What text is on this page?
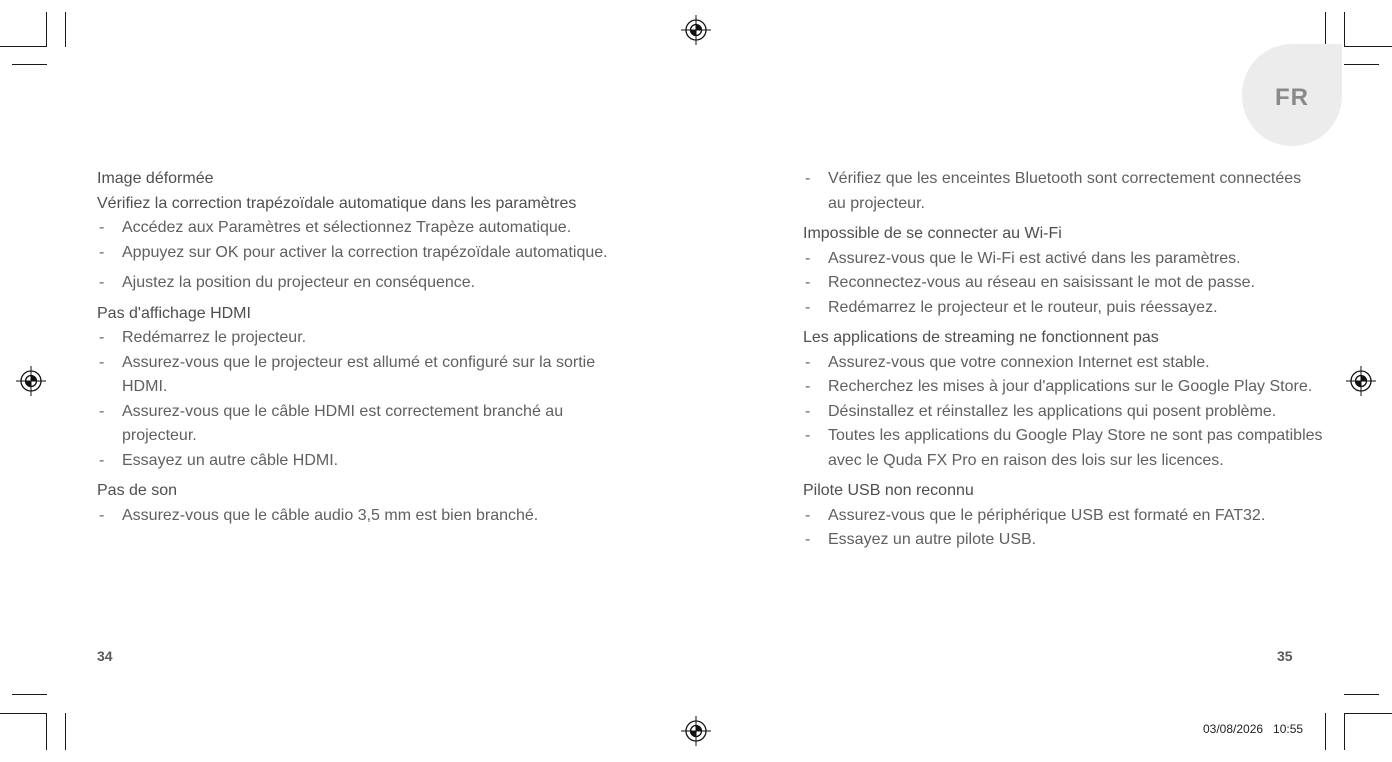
FR

Image déformée

Vérifiez la correction trapézoïdale automatique dans les paramètres

- Accédez aux Paramètres et sélectionnez Trapèze automatique.
- Appuyez sur OK pour activer la correction trapézoïdale automatique.
- Ajustez la position du projecteur en conséquence.

Pas d'affichage HDMI

- Redémarrez le projecteur.
- Assurez-vous que le projecteur est allumé et configuré sur la sortie HDMI.
- Assurez-vous que le câble HDMI est correctement branché au projecteur.
- Essayez un autre câble HDMI.

Pas de son

- Assurez-vous que le câble audio 3,5 mm est bien branché.
34
- Vérifiez que les enceintes Bluetooth sont correctement connectées au projecteur.

Impossible de se connecter au Wi-Fi

- Assurez-vous que le Wi-Fi est activé dans les paramètres.
- Reconnectez-vous au réseau en saisissant le mot de passe.
- Redémarrez le projecteur et le routeur, puis réessayez.

Les applications de streaming ne fonctionnent pas

- Assurez-vous que votre connexion Internet est stable.
- Recherchez les mises à jour d'applications sur le Google Play Store.
- Désinstallez et réinstallez les applications qui posent problème.
- Toutes les applications du Google Play Store ne sont pas compatibles avec le Quda FX Pro en raison des lois sur les licences.

Pilote USB non reconnu

- Assurez-vous que le périphérique USB est formaté en FAT32.
- Essayez un autre pilote USB.
35
03/08/2026   10:55
